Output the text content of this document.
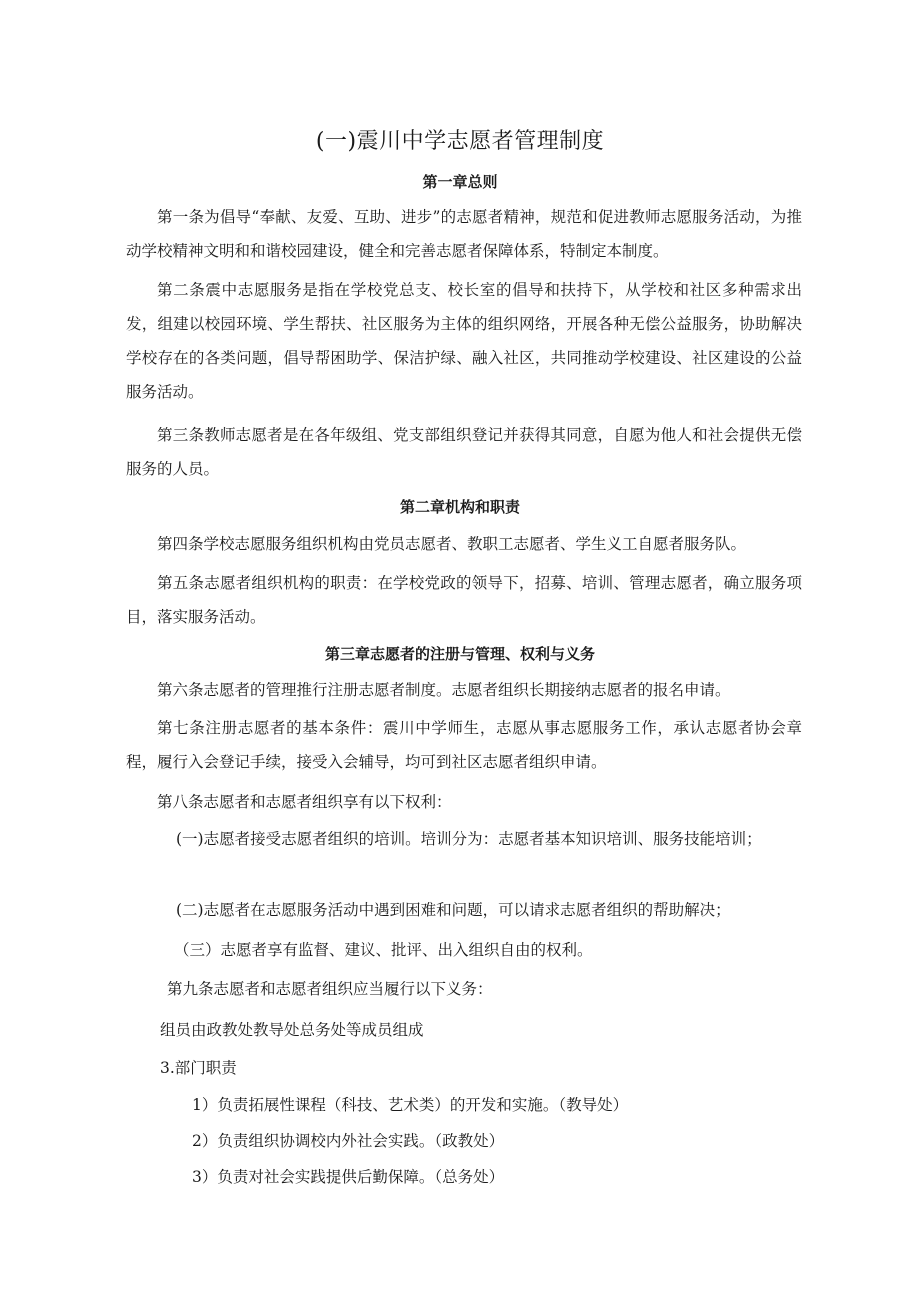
(一)震川中学志愿者管理制度
第一章总则

第一条为倡导“奉献、友爱、互助、进步”的志愿者精神，规范和促进教师志愿服务活动，为推动学校精神文明和和谐校园建设，健全和完善志愿者保障体系，特制定本制度。

第二条震中志愿服务是指在学校党总支、校长室的倡导和扶持下，从学校和社区多种需求出发，组建以校园环境、学生帮扶、社区服务为主体的组织网络，开展各种无偿公益服务，协助解决学校存在的各类问题，倡导帮困助学、保洁护绿、融入社区，共同推动学校建设、社区建设的公益服务活动。

第三条教师志愿者是在各年级组、党支部组织登记并获得其同意，自愿为他人和社会提供无偿服务的人员。

第二章机构和职责

第四条学校志愿服务组织机构由党员志愿者、教职工志愿者、学生义工自愿者服务队。

第五条志愿者组织机构的职责：在学校党政的领导下，招募、培训、管理志愿者，确立服务项目，落实服务活动。

第三章志愿者的注册与管理、权利与义务

第六条志愿者的管理推行注册志愿者制度。志愿者组织长期接纳志愿者的报名申请。

第七条注册志愿者的基本条件：震川中学师生，志愿从事志愿服务工作，承认志愿者协会章程，履行入会登记手续，接受入会辅导，均可到社区志愿者组织申请。

第八条志愿者和志愿者组织享有以下权利：

(一)志愿者接受志愿者组织的培训。培训分为：志愿者基本知识培训、服务技能培训；

(二)志愿者在志愿服务活动中遇到困难和问题，可以请求志愿者组织的帮助解决；

（三）志愿者享有监督、建议、批评、出入组织自由的权利。

第九条志愿者和志愿者组织应当履行以下义务：

组员由政教处教导处总务处等成员组成

3.部门职责

1）负责拓展性课程（科技、艺术类）的开发和实施。（教导处）

2）负责组织协调校内外社会实践。（政教处）

3）负责对社会实践提供后勤保障。（总务处）
